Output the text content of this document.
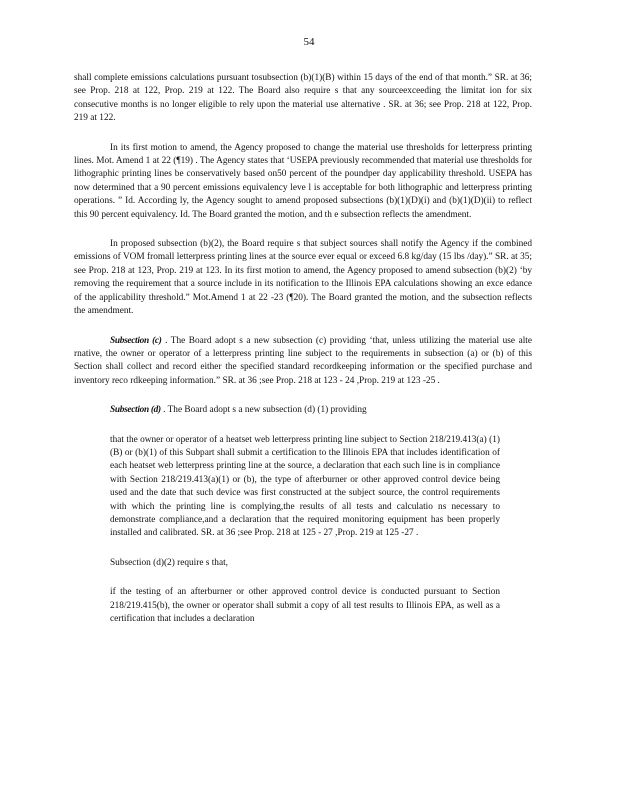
54

shall complete emissions calculations pursuant tosubsection (b)(1)(B) within 15 days of the end of that month.” SR. at 36; see Prop. 218 at 122, Prop. 219 at 122. The Board also require s that any sourceexceeding the limitat ion for six consecutive months is no longer eligible to rely upon the material use alternative . SR. at 36; see Prop. 218 at 122, Prop. 219 at 122.

In its first motion to amend, the Agency proposed to change the material use thresholds for letterpress printing lines. Mot. Amend 1 at 22 (¶19) . The Agency states that ‘USEPA previously recommended that material use thresholds for lithographic printing lines be conservatively based on50 percent of the poundper day applicability threshold. USEPA has now determined that a 90 percent emissions equivalency leve l is acceptable for both lithographic and letterpress printing operations. ” Id. According ly, the Agency sought to amend proposed subsections (b)(1)(D)(i) and (b)(1)(D)(ii) to reflect this 90 percent equivalency. Id. The Board granted the motion, and th e subsection reflects the amendment.

In proposed subsection (b)(2), the Board require s that subject sources shall notify the Agency if the combined emissions of VOM fromall letterpress printing lines at the source ever equal or exceed 6.8 kg/day (15 lbs /day).” SR. at 35; see Prop. 218 at 123, Prop. 219 at 123. In its first motion to amend, the Agency proposed to amend subsection (b)(2) ‘by removing the requirement that a source include in its notification to the Illinois EPA calculations showing an exce edance of the applicability threshold.” Mot.Amend 1 at 22 -23 (¶20). The Board granted the motion, and the subsection reflects the amendment.

Subsection (c) . The Board adopt s a new subsection (c) providing ‘that, unless utilizing the material use alte rnative, the owner or operator of a letterpress printing line subject to the requirements in subsection (a) or (b) of this Section shall collect and record either the specified standard recordkeeping information or the specified purchase and inventory reco rdkeeping information.” SR. at 36 ;see Prop. 218 at 123 - 24 ,Prop. 219 at 123 -25 .

Subsection (d) . The Board adopt s a new subsection (d) (1) providing

that the owner or operator of a heatset web letterpress printing line subject to Section 218/219.413(a) (1)(B) or (b)(1) of this Subpart shall submit a certification to the Illinois EPA that includes identification of each heatset web letterpress printing line at the source, a declaration that each such line is in compliance with Section 218/219.413(a)(1) or (b), the type of afterburner or other approved control device being used and the date that such device was first constructed at the subject source, the control requirements with which the printing line is complying,the results of all tests and calculatio ns necessary to demonstrate compliance,and a declaration that the required monitoring equipment has been properly installed and calibrated. SR. at 36 ;see Prop. 218 at 125 - 27 ,Prop. 219 at 125 -27 .

Subsection (d)(2) require s that,

if the testing of an afterburner or other approved control device is conducted pursuant to Section 218/219.415(b), the owner or operator shall submit a copy of all test results to Illinois EPA, as well as a certification that includes a declaration
